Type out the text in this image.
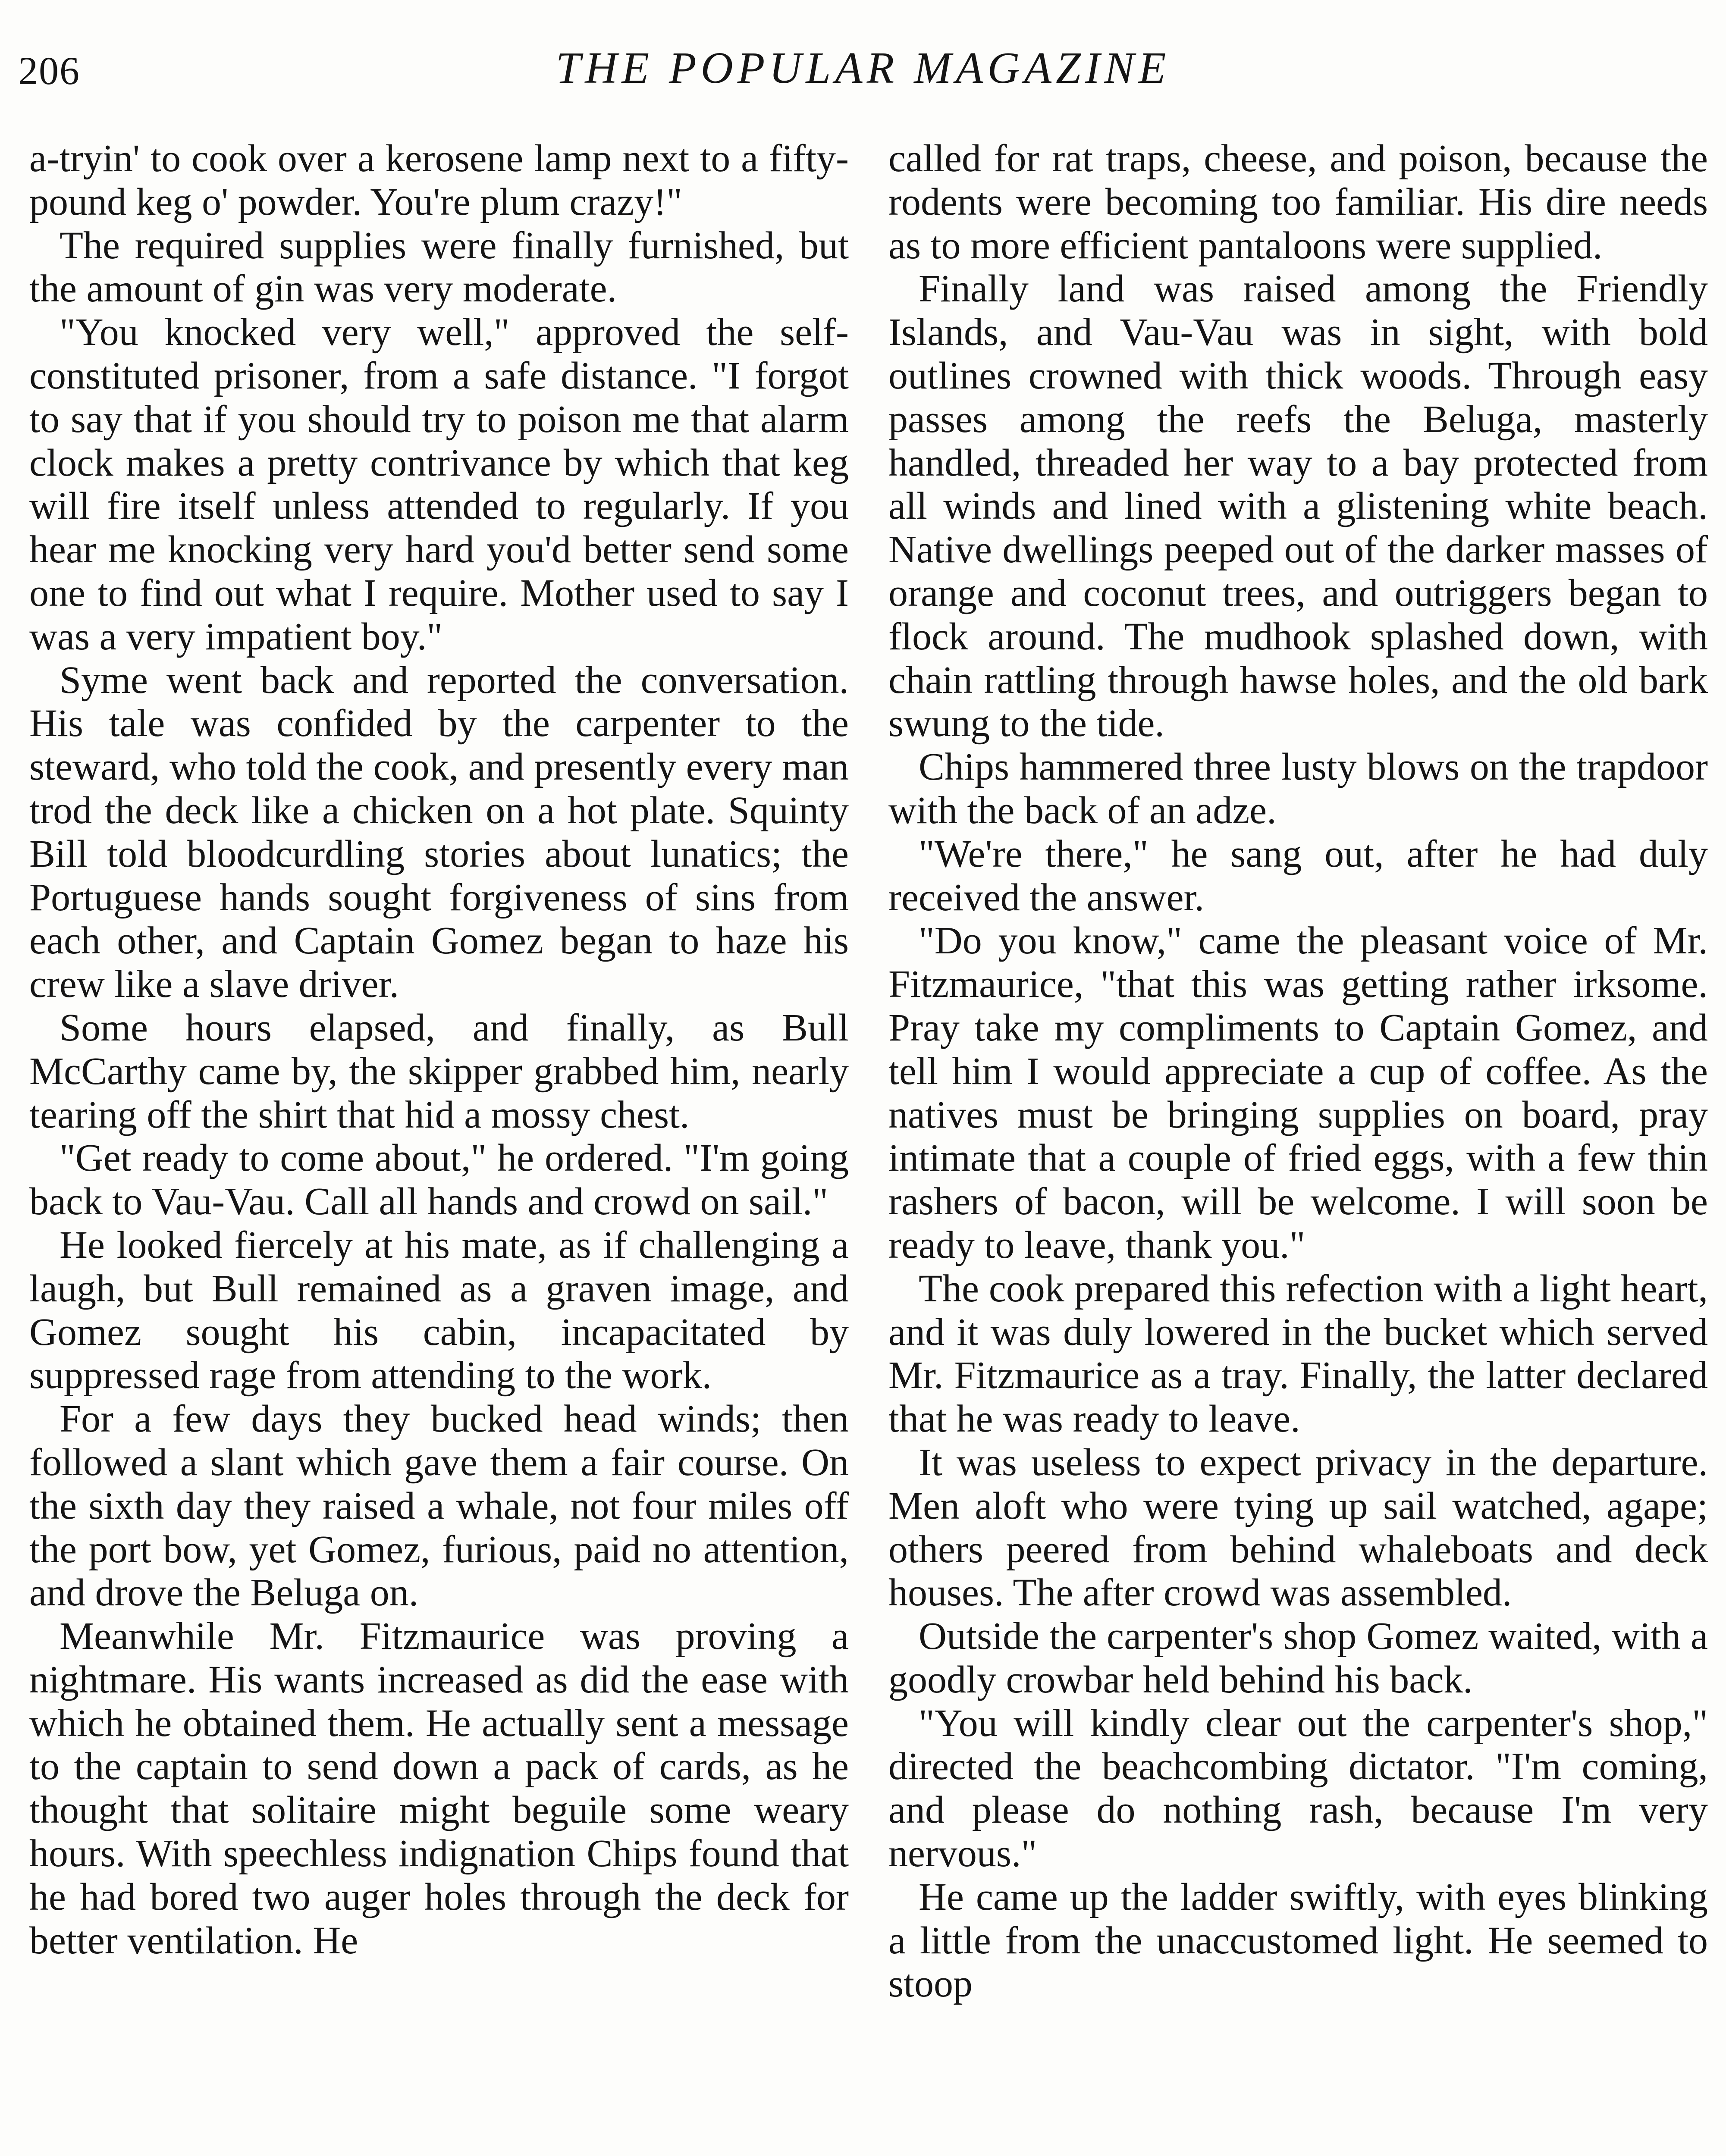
206	THE POPULAR MAGAZINE

a-tryin' to cook over a kerosene lamp next to a fifty-pound keg o' powder. You're plum crazy!"

The required supplies were finally furnished, but the amount of gin was very moderate.

"You knocked very well," approved the self-constituted prisoner, from a safe distance. "I forgot to say that if you should try to poison me that alarm clock makes a pretty contrivance by which that keg will fire itself unless attended to regularly. If you hear me knocking very hard you'd better send some one to find out what I require. Mother used to say I was a very impatient boy."

Syme went back and reported the conversation. His tale was confided by the carpenter to the steward, who told the cook, and presently every man trod the deck like a chicken on a hot plate. Squinty Bill told bloodcurdling stories about lunatics; the Portuguese hands sought forgiveness of sins from each other, and Captain Gomez began to haze his crew like a slave driver.

Some hours elapsed, and finally, as Bull McCarthy came by, the skipper grabbed him, nearly tearing off the shirt that hid a mossy chest.

"Get ready to come about," he ordered. "I'm going back to Vau-Vau. Call all hands and crowd on sail."

He looked fiercely at his mate, as if challenging a laugh, but Bull remained as a graven image, and Gomez sought his cabin, incapacitated by suppressed rage from attending to the work.

For a few days they bucked head winds; then followed a slant which gave them a fair course. On the sixth day they raised a whale, not four miles off the port bow, yet Gomez, furious, paid no attention, and drove the Beluga on.

Meanwhile Mr. Fitzmaurice was proving a nightmare. His wants increased as did the ease with which he obtained them. He actually sent a message to the captain to send down a pack of cards, as he thought that solitaire might beguile some weary hours. With speechless indignation Chips found that he had bored two auger holes through the deck for better ventilation. He

called for rat traps, cheese, and poison, because the rodents were becoming too familiar. His dire needs as to more efficient pantaloons were supplied.

Finally land was raised among the Friendly Islands, and Vau-Vau was in sight, with bold outlines crowned with thick woods. Through easy passes among the reefs the Beluga, masterly handled, threaded her way to a bay protected from all winds and lined with a glistening white beach. Native dwellings peeped out of the darker masses of orange and coconut trees, and outriggers began to flock around. The mudhook splashed down, with chain rattling through hawse holes, and the old bark swung to the tide.

Chips hammered three lusty blows on the trapdoor with the back of an adze.

"We're there," he sang out, after he had duly received the answer.

"Do you know," came the pleasant voice of Mr. Fitzmaurice, "that this was getting rather irksome. Pray take my compliments to Captain Gomez, and tell him I would appreciate a cup of coffee. As the natives must be bringing supplies on board, pray intimate that a couple of fried eggs, with a few thin rashers of bacon, will be welcome. I will soon be ready to leave, thank you."

The cook prepared this refection with a light heart, and it was duly lowered in the bucket which served Mr. Fitzmaurice as a tray. Finally, the latter declared that he was ready to leave.

It was useless to expect privacy in the departure. Men aloft who were tying up sail watched, agape; others peered from behind whaleboats and deck houses. The after crowd was assembled.

Outside the carpenter's shop Gomez waited, with a goodly crowbar held behind his back.

"You will kindly clear out the carpenter's shop," directed the beachcombing dictator. "I'm coming, and please do nothing rash, because I'm very nervous."

He came up the ladder swiftly, with eyes blinking a little from the unaccustomed light. He seemed to stoop
